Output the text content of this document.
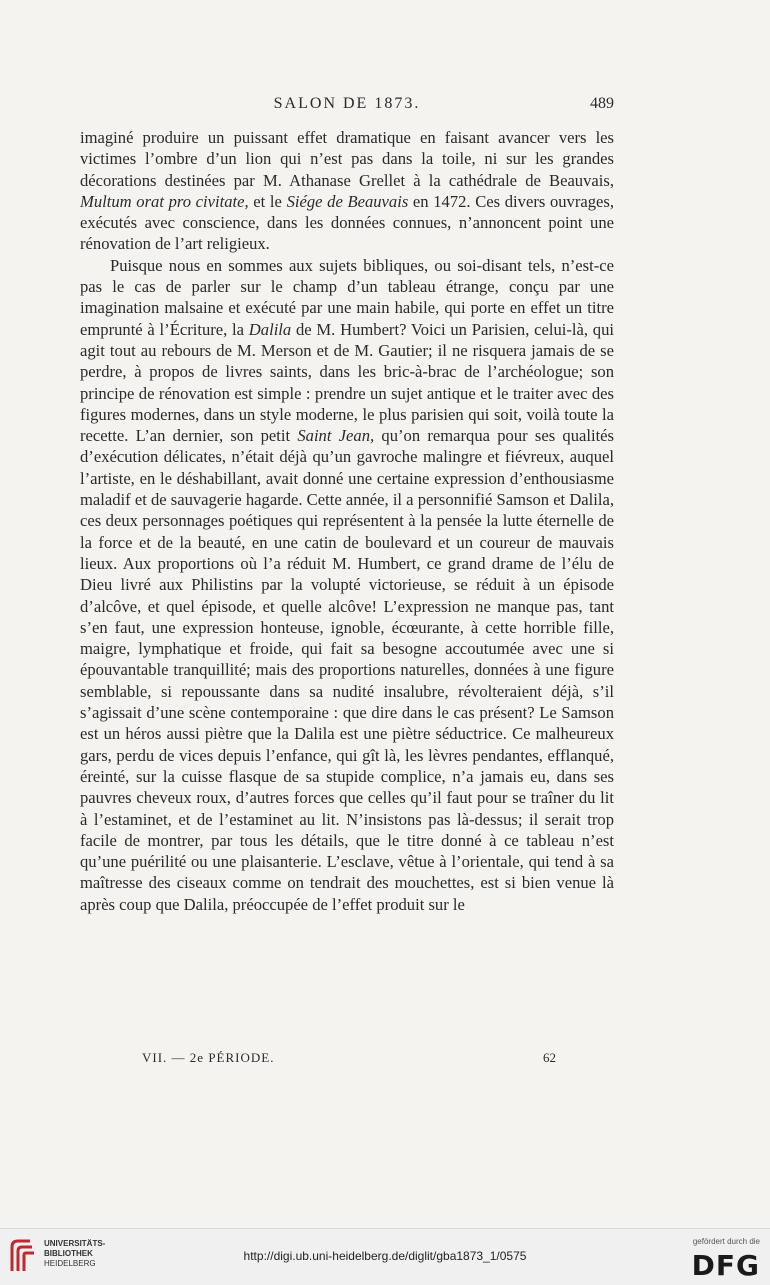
SALON DE 1873.	489

imaginé produire un puissant effet dramatique en faisant avancer vers les victimes l’ombre d’un lion qui n’est pas dans la toile, ni sur les grandes décorations destinées par M. Athanase Grellet à la cathédrale de Beauvais, Multum orat pro civitate, et le Siége de Beauvais en 1472. Ces divers ouvrages, exécutés avec conscience, dans les données connues, n’annoncent point une rénovation de l’art religieux.

Puisque nous en sommes aux sujets bibliques, ou soi-disant tels, n’est-ce pas le cas de parler sur le champ d’un tableau étrange, conçu par une imagination malsaine et exécuté par une main habile, qui porte en effet un titre emprunté à l’Écriture, la Dalila de M. Humbert? Voici un Parisien, celui-là, qui agit tout au rebours de M. Merson et de M. Gautier; il ne risquera jamais de se perdre, à propos de livres saints, dans les bric-à-brac de l’archéologue; son principe de rénovation est simple : prendre un sujet antique et le traiter avec des figures modernes, dans un style moderne, le plus parisien qui soit, voilà toute la recette. L’an dernier, son petit Saint Jean, qu’on remarqua pour ses qualités d’exécution délicates, n’était déjà qu’un gavroche malingre et fiévreux, auquel l’artiste, en le déshabillant, avait donné une certaine expression d’enthousiasme maladif et de sauvagerie hagarde. Cette année, il a personnifié Samson et Dalila, ces deux personnages poétiques qui représentent à la pensée la lutte éternelle de la force et de la beauté, en une catin de boulevard et un coureur de mauvais lieux. Aux proportions où l’a réduit M. Humbert, ce grand drame de l’élu de Dieu livré aux Philistins par la volupté victorieuse, se réduit à un épisode d’alcôve, et quel épisode, et quelle alcôve! L’expression ne manque pas, tant s’en faut, une expression honteuse, ignoble, écœurante, à cette horrible fille, maigre, lymphatique et froide, qui fait sa besogne accoutumée avec une si épouvantable tranquillité; mais des proportions naturelles, données à une figure semblable, si repoussante dans sa nudité insalubre, révolteraient déjà, s’il s’agissait d’une scène contemporaine : que dire dans le cas présent? Le Samson est un héros aussi piètre que la Dalila est une piètre séductrice. Ce malheureux gars, perdu de vices depuis l’enfance, qui gît là, les lèvres pendantes, efflanqué, éreinté, sur la cuisse flasque de sa stupide complice, n’a jamais eu, dans ses pauvres cheveux roux, d’autres forces que celles qu’il faut pour se traîner du lit à l’estaminet, et de l’estaminet au lit. N’insistons pas là-dessus; il serait trop facile de montrer, par tous les détails, que le titre donné à ce tableau n’est qu’une puérilité ou une plaisanterie. L’esclave, vêtue à l’orientale, qui tend à sa maîtresse des ciseaux comme on tendrait des mouchettes, est si bien venue là après coup que Dalila, préoccupée de l’effet produit sur le

VII. — 2e PÉRIODE.	62
UNIVERSITÄTS-
BIBLIOTHEK
HEIDELBERG
http://digi.ub.uni-heidelberg.de/diglit/gba1873_1/0575
gefördert durch die
DFG
